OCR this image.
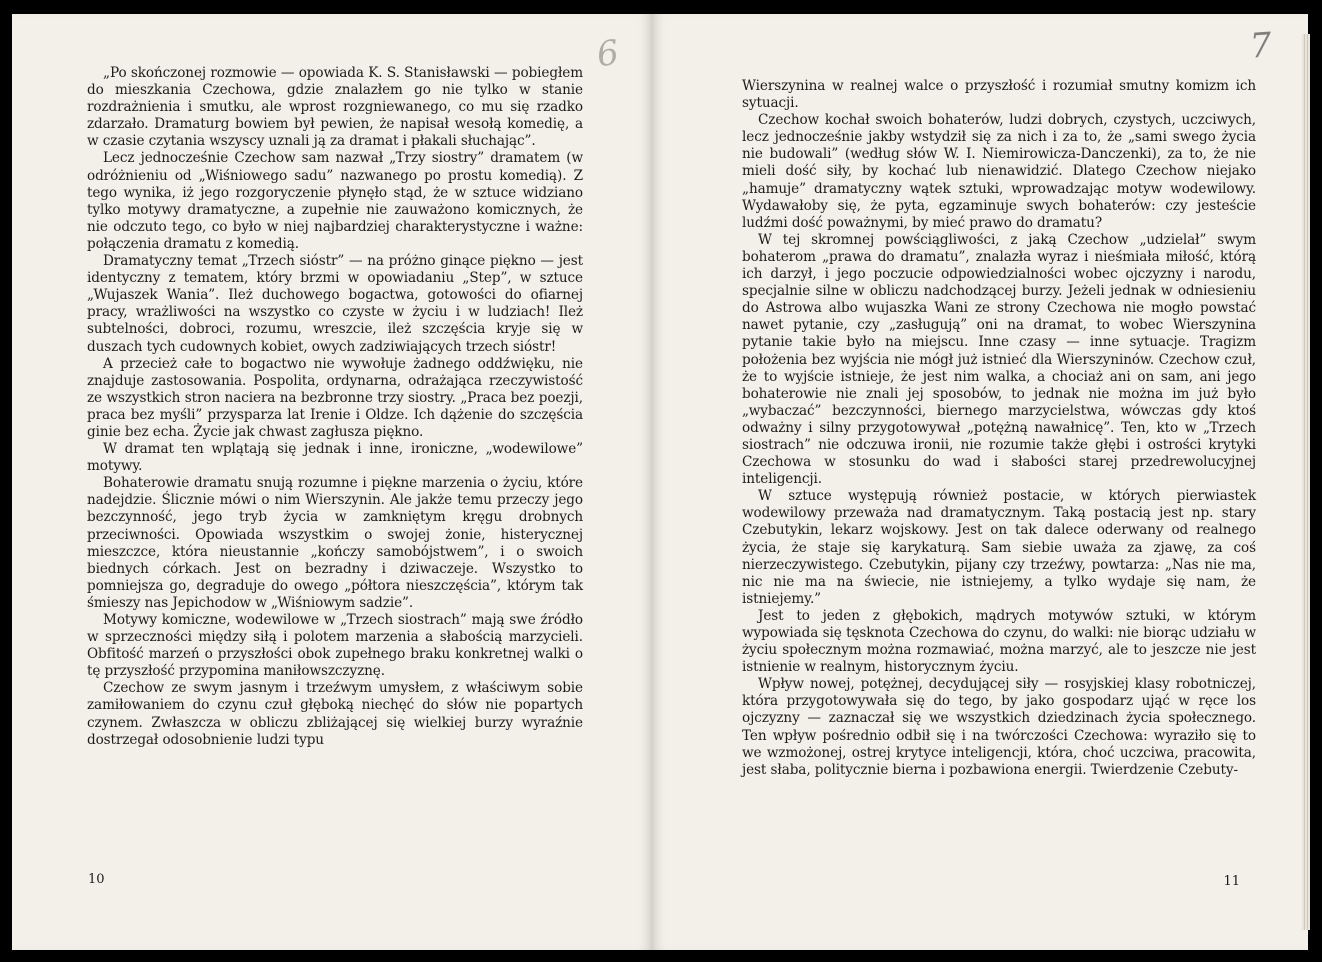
6

„Po skończonej rozmowie — opowiada K. S. Stanisławski — pobiegłem do mieszkania Czechowa, gdzie znalazłem go nie tylko w stanie rozdrażnienia i smutku, ale wprost rozgniewanego, co mu się rzadko zdarzało. Dramaturg bowiem był pewien, że napisał wesołą komedię, a w czasie czytania wszyscy uznali ją za dramat i płakali słuchając”.

Lecz jednocześnie Czechow sam nazwał „Trzy siostry” dramatem (w odróżnieniu od „Wiśniowego sadu” nazwanego po prostu komedią). Z tego wynika, iż jego rozgoryczenie płynęło stąd, że w sztuce widziano tylko motywy dramatyczne, a zupełnie nie zauważono komicznych, że nie odczuto tego, co było w niej najbardziej charakterystyczne i ważne: połączenia dramatu z komedią.

Dramatyczny temat „Trzech sióstr” — na próżno ginące piękno — jest identyczny z tematem, który brzmi w opowiadaniu „Step”, w sztuce „Wujaszek Wania”. Ileż duchowego bogactwa, gotowości do ofiarnej pracy, wrażliwości na wszystko co czyste w życiu i w ludziach! Ileż subtelności, dobroci, rozumu, wreszcie, ileż szczęścia kryje się w duszach tych cudownych kobiet, owych zadziwiających trzech sióstr!

A przecież całe to bogactwo nie wywołuje żadnego oddźwięku, nie znajduje zastosowania. Pospolita, ordynarna, odrażająca rzeczywistość ze wszystkich stron naciera na bezbronne trzy siostry. „Praca bez poezji, praca bez myśli” przysparza lat Irenie i Oldze. Ich dążenie do szczęścia ginie bez echa. Życie jak chwast zagłusza piękno.

W dramat ten wplątają się jednak i inne, ironiczne, „wodewilowe” motywy.

Bohaterowie dramatu snują rozumne i piękne marzenia o życiu, które nadejdzie. Ślicznie mówi o nim Wierszynin. Ale jakże temu przeczy jego bezczynność, jego tryb życia w zamkniętym kręgu drobnych przeciwności. Opowiada wszystkim o swojej żonie, histerycznej mieszczce, która nieustannie „kończy samobójstwem”, i o swoich biednych córkach. Jest on bezradny i dziwaczeje. Wszystko to pomniejsza go, degraduje do owego „półtora nieszczęścia”, którym tak śmieszy nas Jepichodow w „Wiśniowym sadzie”.

Motywy komiczne, wodewilowe w „Trzech siostrach” mają swe źródło w sprzeczności między siłą i polotem marzenia a słabością marzycieli. Obfitość marzeń o przyszłości obok zupełnego braku konkretnej walki o tę przyszłość przypomina maniłowszczyznę.

Czechow ze swym jasnym i trzeźwym umysłem, z właściwym sobie zamiłowaniem do czynu czuł głęboką niechęć do słów nie popartych czynem. Zwłaszcza w obliczu zbliżającej się wielkiej burzy wyraźnie dostrzegał odosobnienie ludzi typu

10
7

Wierszynina w realnej walce o przyszłość i rozumiał smutny komizm ich sytuacji.

Czechow kochał swoich bohaterów, ludzi dobrych, czystych, uczciwych, lecz jednocześnie jakby wstydził się za nich i za to, że „sami swego życia nie budowali” (według słów W. I. Niemirowicza-Danczenki), za to, że nie mieli dość siły, by kochać lub nienawidzić. Dlatego Czechow niejako „hamuje” dramatyczny wątek sztuki, wprowadzając motyw wodewilowy. Wydawałoby się, że pyta, egzaminuje swych bohaterów: czy jesteście ludźmi dość poważnymi, by mieć prawo do dramatu?

W tej skromnej powściągliwości, z jaką Czechow „udzielał” swym bohaterom „prawa do dramatu”, znalazła wyraz i nieśmiała miłość, którą ich darzył, i jego poczucie odpowiedzialności wobec ojczyzny i narodu, specjalnie silne w obliczu nadchodzącej burzy. Jeżeli jednak w odniesieniu do Astrowa albo wujaszka Wani ze strony Czechowa nie mogło powstać nawet pytanie, czy „zasługują” oni na dramat, to wobec Wierszynina pytanie takie było na miejscu. Inne czasy — inne sytuacje. Tragizm położenia bez wyjścia nie mógł już istnieć dla Wierszyninów. Czechow czuł, że to wyjście istnieje, że jest nim walka, a chociaż ani on sam, ani jego bohaterowie nie znali jej sposobów, to jednak nie można im już było „wybaczać” bezczynności, biernego marzycielstwa, wówczas gdy ktoś odważny i silny przygotowywał „potężną nawałnicę”. Ten, kto w „Trzech siostrach” nie odczuwa ironii, nie rozumie także głębi i ostrości krytyki Czechowa w stosunku do wad i słabości starej przedrewolucyjnej inteligencji.

W sztuce występują również postacie, w których pierwiastek wodewilowy przeważa nad dramatycznym. Taką postacią jest np. stary Czebutykin, lekarz wojskowy. Jest on tak dalece oderwany od realnego życia, że staje się karykaturą. Sam siebie uważa za zjawę, za coś nierzeczywistego. Czebutykin, pijany czy trzeźwy, powtarza: „Nas nie ma, nic nie ma na świecie, nie istniejemy, a tylko wydaje się nam, że istniejemy.”

Jest to jeden z głębokich, mądrych motywów sztuki, w którym wypowiada się tęsknota Czechowa do czynu, do walki: nie biorąc udziału w życiu społecznym można rozmawiać, można marzyć, ale to jeszcze nie jest istnienie w realnym, historycznym życiu.

Wpływ nowej, potężnej, decydującej siły — rosyjskiej klasy robotniczej, która przygotowywała się do tego, by jako gospodarz ująć w ręce los ojczyzny — zaznaczał się we wszystkich dziedzinach życia społecznego. Ten wpływ pośrednio odbił się i na twórczości Czechowa: wyraziło się to we wzmożonej, ostrej krytyce inteligencji, która, choć uczciwa, pracowita, jest słaba, politycznie bierna i pozbawiona energii. Twierdzenie Czebuty-

11
